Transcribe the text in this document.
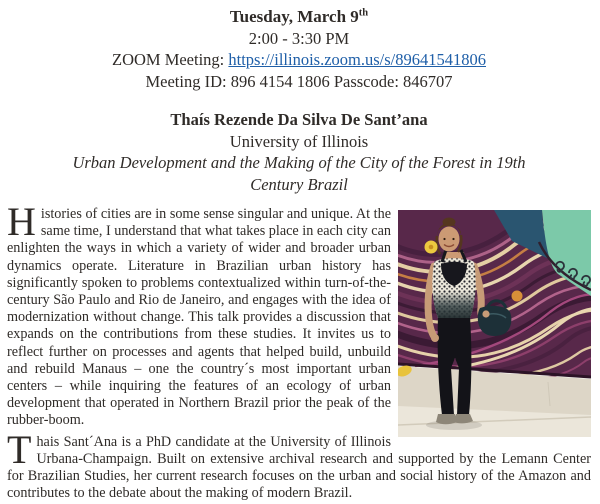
Tuesday, March 9th
2:00 - 3:30 PM
ZOOM Meeting: https://illinois.zoom.us/s/89641541806
Meeting ID: 896 4154 1806 Passcode: 846707
Thaís Rezende Da Silva De Sant’ana
University of Illinois
Urban Development and the Making of the City of the Forest in 19th
Century Brazil

Histories of cities are in some sense singular and unique. At the same time, I understand that what takes place in each city can enlighten the ways in which a variety of wider and broader urban dynamics operate. Literature in Brazilian urban history has significantly spoken to problems contextualized within turn-of-the-century São Paulo and Rio de Janeiro, and engages with the idea of modernization without change. This talk provides a discussion that expands on the contributions from these studies. It invites us to reflect further on processes and agents that helped build, unbuild and rebuild Manaus – one the country´s most important urban centers – while inquiring the features of an ecology of urban development that operated in Northern Brazil prior the peak of the rubber-boom.

Thais Sant´Ana is a PhD candidate at the University of Illinois Urbana-Champaign. Built on extensive archival research and supported by the Lemann Center for Brazilian Studies, her current research focuses on the urban and social history of the Amazon and contributes to the debate about the making of modern Brazil.
